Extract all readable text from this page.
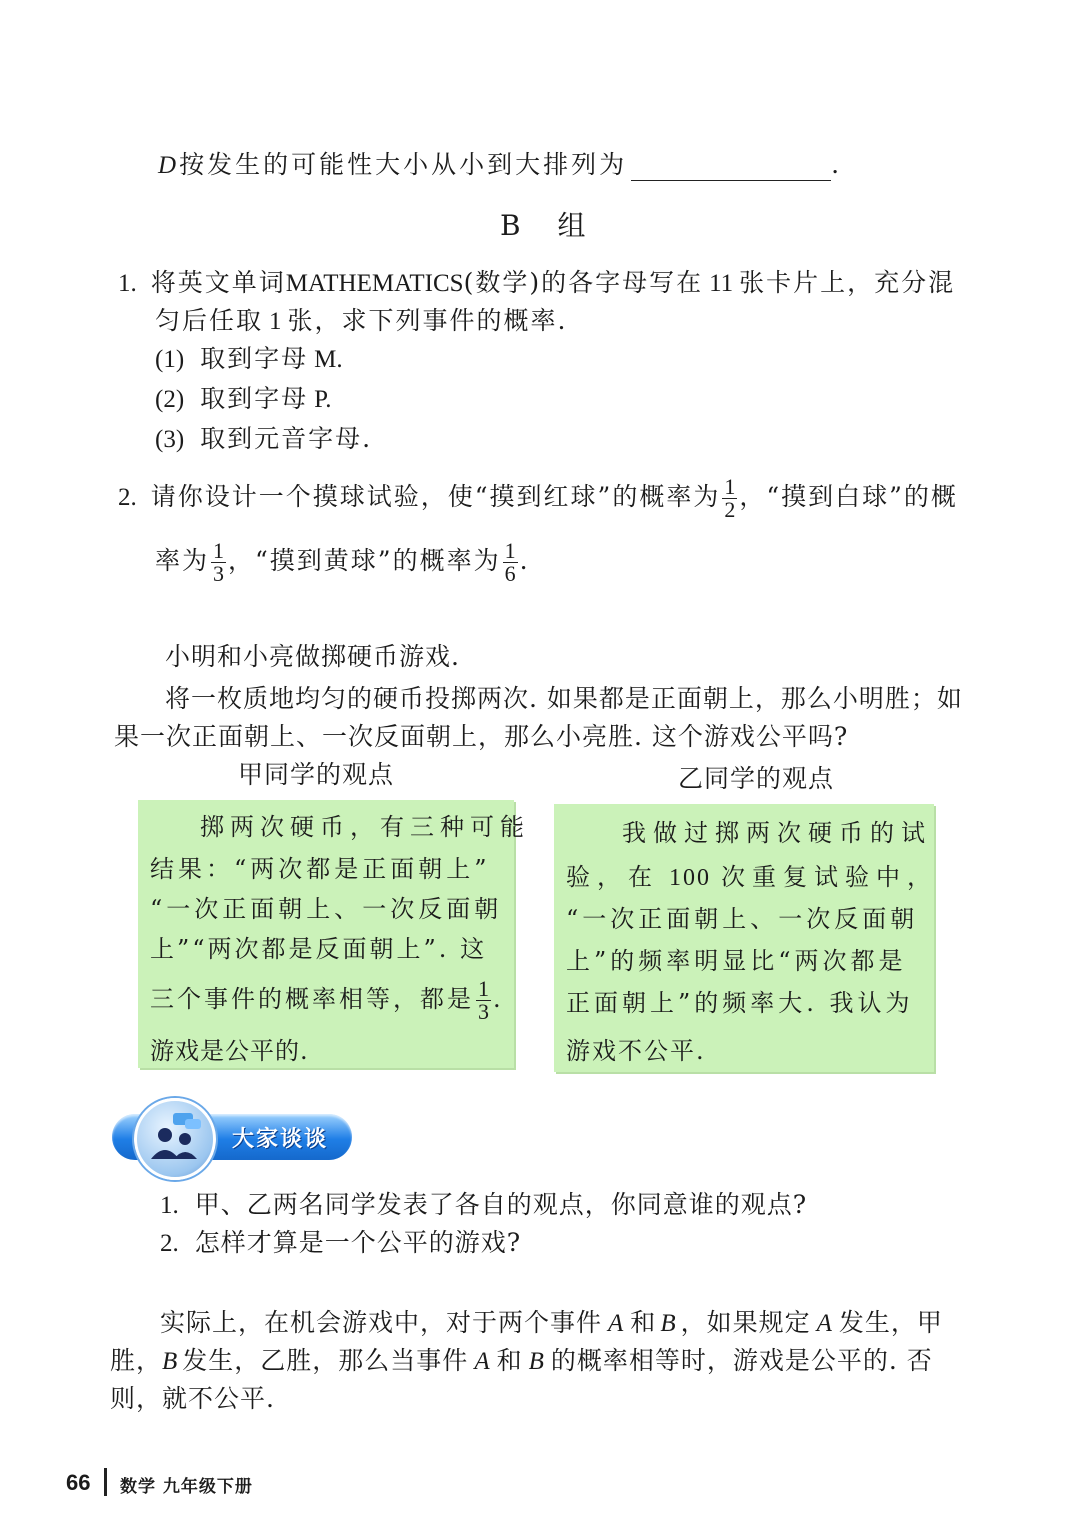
D按发生的可能性大小从小到大排列为	.
B 组
1. 将英文单词MATHEMATICS(数学)的各字母写在 11 张卡片上，充分混
匀后任取 1 张，求下列事件的概率.
(1) 取到字母 M.
(2) 取到字母 P.
(3) 取到元音字母.
2. 请你设计一个摸球试验，使“摸到红球”的概率为 $\frac{1}{2}$ ，“摸到白球”的概
率为 $\frac{1}{3}$ ，“摸到黄球”的概率为 $\frac{1}{6}$ .
小明和小亮做掷硬币游戏.
将一枚质地均匀的硬币投掷两次. 如果都是正面朝上，那么小明胜；如
果一次正面朝上、一次反面朝上，那么小亮胜. 这个游戏公平吗?
甲同学的观点	乙同学的观点
掷两次硬币，有三种可能
结果：“两次都是正面朝上”
“一次正面朝上、一次反面朝
上”“两次都是反面朝上”. 这
三个事件的概率相等，都是 $\frac{1}{3}$ .
游戏是公平的.
我做过掷两次硬币的试
验，在 100 次重复试验中，
“一次正面朝上、一次反面朝
上”的频率明显比“两次都是
正面朝上”的频率大. 我认为
游戏不公平.
大家谈谈
1. 甲、乙两名同学发表了各自的观点，你同意谁的观点?
2. 怎样才算是一个公平的游戏?
实际上，在机会游戏中，对于两个事件 A 和 B ，如果规定 A 发生，甲
胜，B 发生，乙胜，那么当事件 A 和 B 的概率相等时，游戏是公平的. 否
则，就不公平.
66 数学 九年级下册
